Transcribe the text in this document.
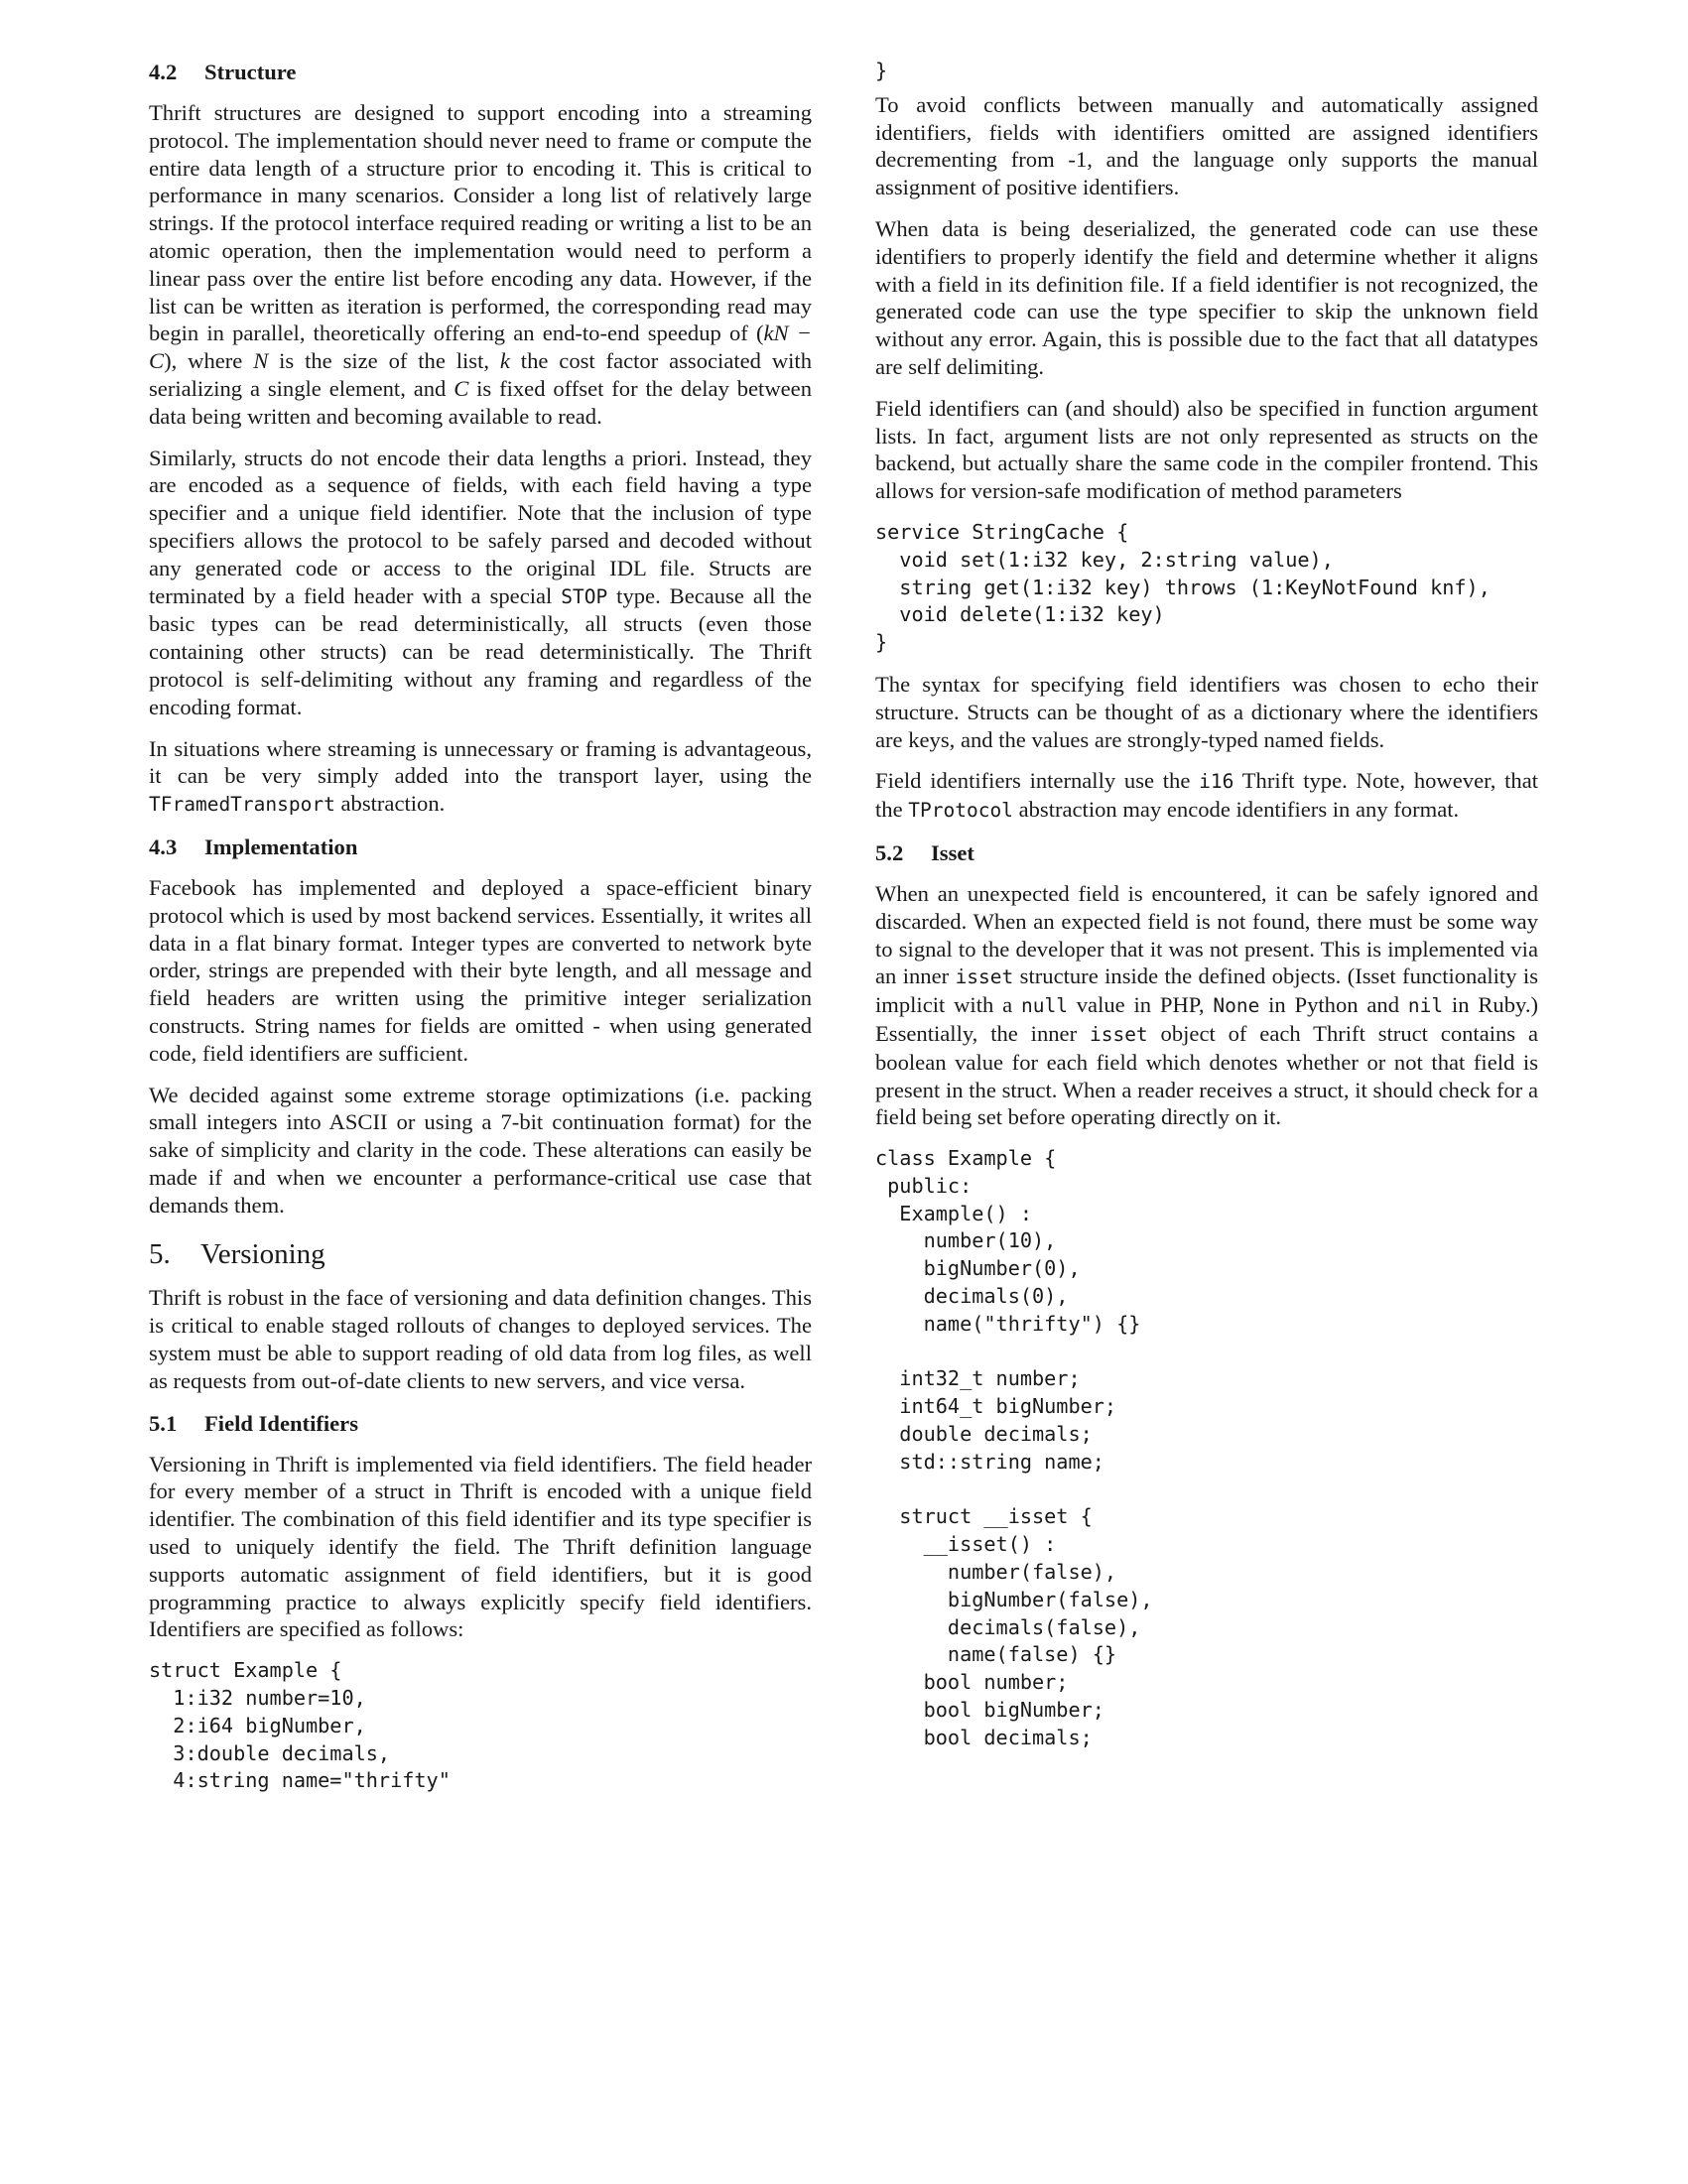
4.2 Structure

Thrift structures are designed to support encoding into a streaming protocol. The implementation should never need to frame or compute the entire data length of a structure prior to encoding it. This is critical to performance in many scenarios. Consider a long list of relatively large strings. If the protocol interface required reading or writing a list to be an atomic operation, then the implementation would need to perform a linear pass over the entire list before encoding any data. However, if the list can be written as iteration is performed, the corresponding read may begin in parallel, theoretically offering an end-to-end speedup of (kN − C), where N is the size of the list, k the cost factor associated with serializing a single element, and C is fixed offset for the delay between data being written and becoming available to read.

Similarly, structs do not encode their data lengths a priori. Instead, they are encoded as a sequence of fields, with each field having a type specifier and a unique field identifier. Note that the inclusion of type specifiers allows the protocol to be safely parsed and decoded without any generated code or access to the original IDL file. Structs are terminated by a field header with a special STOP type. Because all the basic types can be read deterministically, all structs (even those containing other structs) can be read deterministically. The Thrift protocol is self-delimiting without any framing and regardless of the encoding format.

In situations where streaming is unnecessary or framing is advantageous, it can be very simply added into the transport layer, using the TFramedTransport abstraction.

4.3 Implementation

Facebook has implemented and deployed a space-efficient binary protocol which is used by most backend services. Essentially, it writes all data in a flat binary format. Integer types are converted to network byte order, strings are prepended with their byte length, and all message and field headers are written using the primitive integer serialization constructs. String names for fields are omitted - when using generated code, field identifiers are sufficient.

We decided against some extreme storage optimizations (i.e. packing small integers into ASCII or using a 7-bit continuation format) for the sake of simplicity and clarity in the code. These alterations can easily be made if and when we encounter a performance-critical use case that demands them.

5. Versioning

Thrift is robust in the face of versioning and data definition changes. This is critical to enable staged rollouts of changes to deployed services. The system must be able to support reading of old data from log files, as well as requests from out-of-date clients to new servers, and vice versa.

5.1 Field Identifiers

Versioning in Thrift is implemented via field identifiers. The field header for every member of a struct in Thrift is encoded with a unique field identifier. The combination of this field identifier and its type specifier is used to uniquely identify the field. The Thrift definition language supports automatic assignment of field identifiers, but it is good programming practice to always explicitly specify field identifiers. Identifiers are specified as follows:

struct Example {
1:i32 number=10,
2:i64 bigNumber,
3:double decimals,
4:string name="thrifty"
}

To avoid conflicts between manually and automatically assigned identifiers, fields with identifiers omitted are assigned identifiers decrementing from -1, and the language only supports the manual assignment of positive identifiers.

When data is being deserialized, the generated code can use these identifiers to properly identify the field and determine whether it aligns with a field in its definition file. If a field identifier is not recognized, the generated code can use the type specifier to skip the unknown field without any error. Again, this is possible due to the fact that all datatypes are self delimiting.

Field identifiers can (and should) also be specified in function argument lists. In fact, argument lists are not only represented as structs on the backend, but actually share the same code in the compiler frontend. This allows for version-safe modification of method parameters

service StringCache {
void set(1:i32 key, 2:string value),
string get(1:i32 key) throws (1:KeyNotFound knf),
void delete(1:i32 key)
}

The syntax for specifying field identifiers was chosen to echo their structure. Structs can be thought of as a dictionary where the identifiers are keys, and the values are strongly-typed named fields.

Field identifiers internally use the i16 Thrift type. Note, however, that the TProtocol abstraction may encode identifiers in any format.

5.2 Isset

When an unexpected field is encountered, it can be safely ignored and discarded. When an expected field is not found, there must be some way to signal to the developer that it was not present. This is implemented via an inner isset structure inside the defined objects. (Isset functionality is implicit with a null value in PHP, None in Python and nil in Ruby.) Essentially, the inner isset object of each Thrift struct contains a boolean value for each field which denotes whether or not that field is present in the struct. When a reader receives a struct, it should check for a field being set before operating directly on it.

class Example {
public:
Example() :
number(10),
bigNumber(0),
decimals(0),
name("thrifty") {}

int32_t number;
int64_t bigNumber;
double decimals;
std::string name;

struct __isset {
__isset() :
number(false),
bigNumber(false),
decimals(false),
name(false) {}
bool number;
bool bigNumber;
bool decimals;
